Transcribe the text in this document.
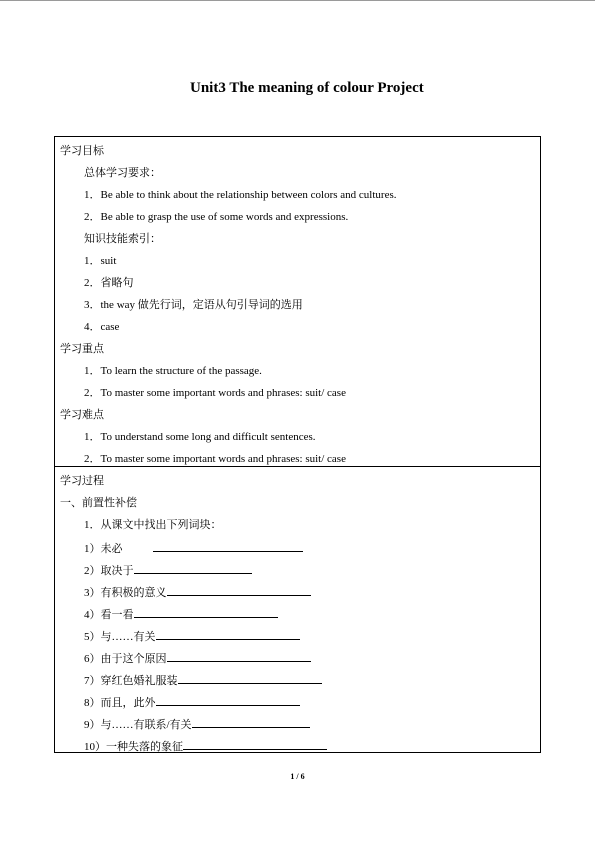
Unit3 The meaning of colour Project
学习目标
总体学习要求：
1．Be able to think about the relationship between colors and cultures.
2．Be able to grasp the use of some words and expressions.
知识技能索引：
1．suit
2．省略句
3．the way 做先行词，定语从句引导词的选用
4．case
学习重点
1．To learn the structure of the passage.
2．To master some important words and phrases: suit/ case
学习难点
1．To understand some long and difficult sentences.
2．To master some important words and phrases: suit/ case
学习过程
一、前置性补偿
1．从课文中找出下列词块：
1）未必
2）取决于
3）有积极的意义
4）看一看
5）与……有关
6）由于这个原因
7）穿红色婚礼服装
8）而且，此外
9）与……有联系/有关
10）一种失落的象征
1 / 6
